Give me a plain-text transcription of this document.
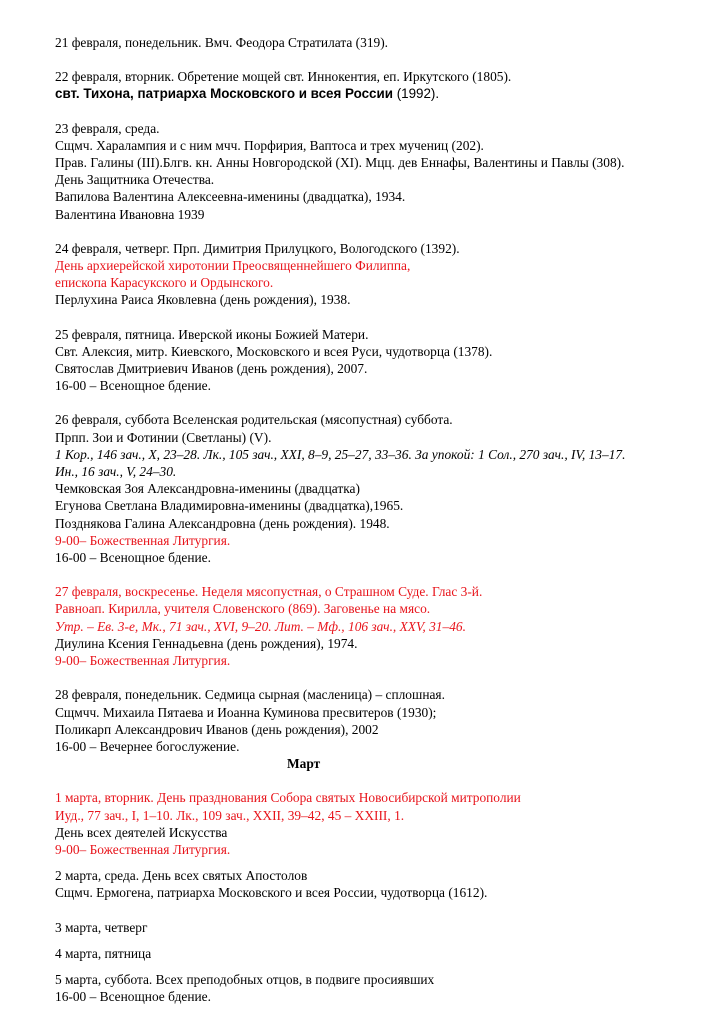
21 февраля, понедельник. Вмч. Феодора Стратилата (319).

22 февраля, вторник. Обретение мощей свт. Иннокентия, еп. Иркутского (1805).

свт. Тихона, патриарха Московского и всея России (1992).

23 февраля, среда.

Сщмч. Харалампия и с ним мчч. Порфирия, Вaптоса и трех мучениц (202).

Прав. Галины (III).Блгв. кн. Анны Новгородской (XI). Мцц. дев Еннафы, Валентины и Павлы (308).

День Защитника Отечества.

Вапилова Валентина Алексеевна-именины (двадцатка), 1934.

Валентина Ивановна 1939

24 февраля, четверг. Прп. Димитрия Прилуцкого, Вологодского (1392).

День архиерейской хиротонии Преосвященнейшего Филиппа,

епископа Карасукского и Ордынского.

Перлухина Раиса Яковлевна (день рождения), 1938.

25 февраля, пятница. Иверской иконы Божией Матери.

Свт. Алексия, митр. Киевского, Московского и всея Руси, чудотворца (1378).

Святослав Дмитриевич Иванов (день рождения), 2007.

16-00 – Всенощное бдение.

26 февраля, суббота Вселенская родительская (мясопустная) суббота.

Прпп. Зои и Фотинии (Светланы) (V).

1 Кор., 146 зач., X, 23–28. Лк., 105 зач., XXI, 8–9, 25–27, 33–36. За упокой: 1 Сол., 270 зач., IV, 13–17.

Ин., 16 зач., V, 24–30.

Чемковская Зоя Александровна-именины (двадцатка)

Егунова Светлана Владимировна-именины (двадцатка),1965.

Позднякова Галина Александровна (день рождения). 1948.

9-00– Божественная Литургия.

16-00 – Всенощное бдение.

27 февраля, воскресенье. Неделя мясопустная, о Страшном Суде. Глас 3-й.

Равноап. Кирилла, учителя Словенского (869). Заговенье на мясо.

Утр. – Ев. 3-е, Мк., 71 зач., XVI, 9–20. Лит. – Мф., 106 зач., XXV, 31–46.

Диулина Ксения Геннадьевна (день рождения), 1974.

9-00– Божественная Литургия.

28 февраля, понедельник. Седмица сырная (масленица) – сплошная.

Сщмчч. Михаила Пятаева и Иоанна Куминова пресвитеров (1930);

Поликарп Александрович Иванов (день рождения), 2002

16-00 – Вечернее богослужение.

Март

1 марта, вторник. День празднования Собора святых Новосибирской митрополии

Иуд., 77 зач., I, 1–10. Лк., 109 зач., XXII, 39–42, 45 – XXIII, 1.

День всех деятелей Искусства

9-00– Божественная Литургия.

2 марта, среда. День всех святых Апостолов

Сщмч. Ермогена, патриарха Московского и всея России, чудотворца (1612).

3 марта, четверг

4 марта, пятница

5 марта, суббота. Всех преподобных отцов, в подвиге просиявших

16-00 – Всенощное бдение.
